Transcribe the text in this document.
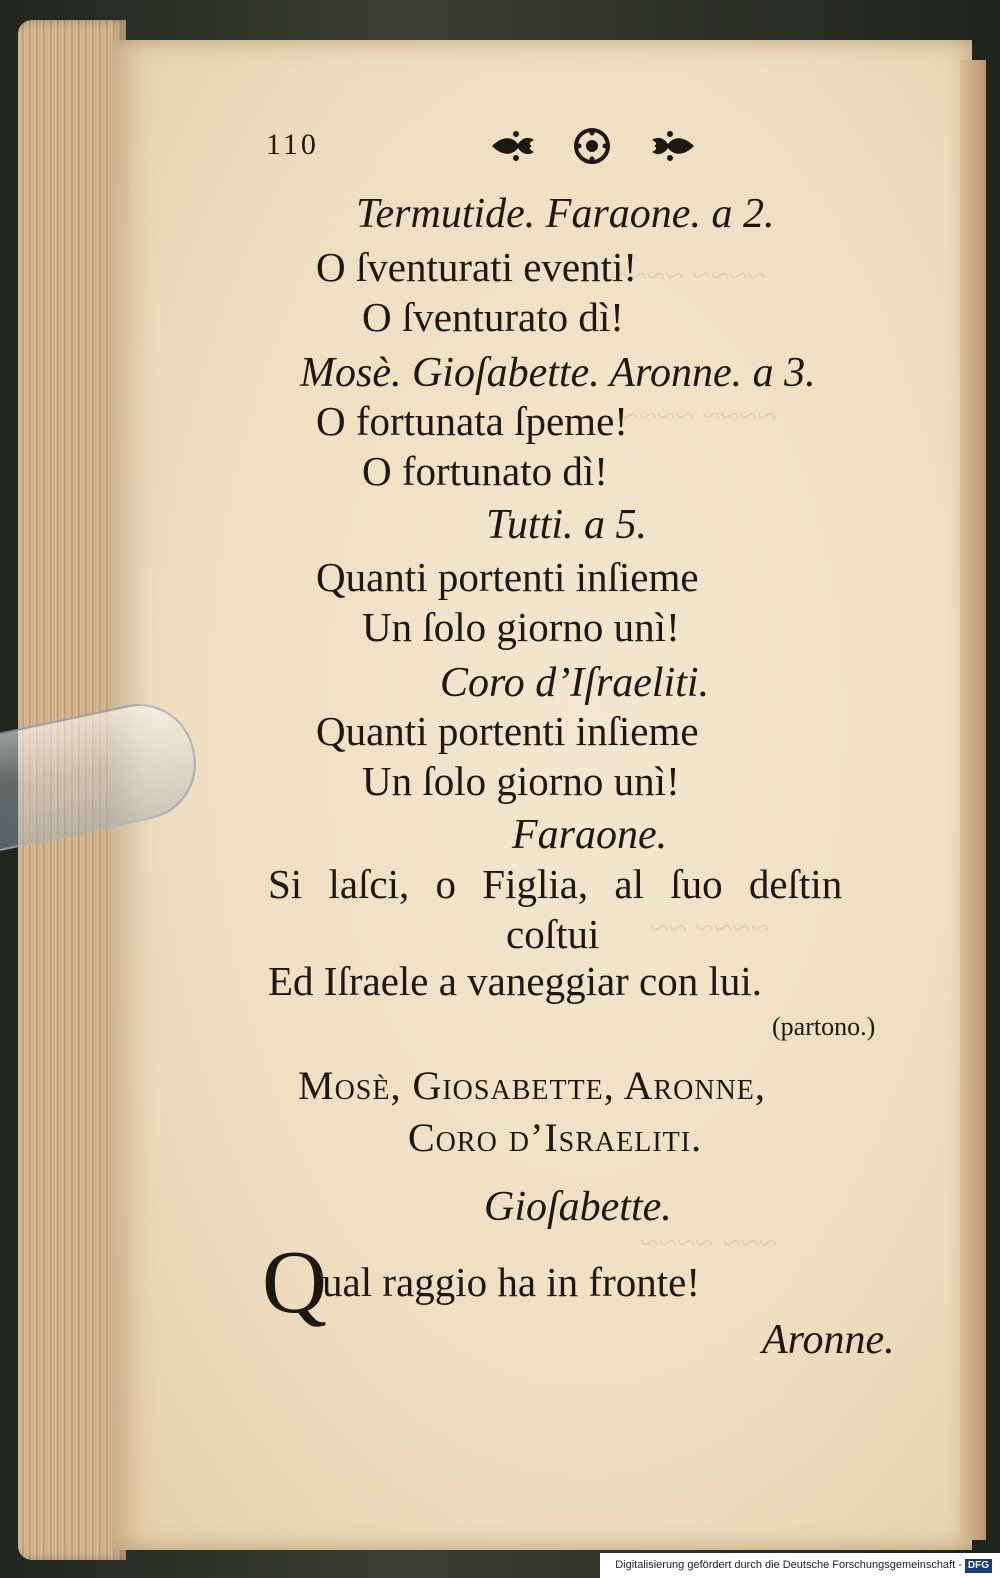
~~~~ ~~~~
~~~~ ~~~~
~~~~ ~~
~~~ ~~~~
110
Termutide. Faraone. a 2.
O ſventurati eventi!
O ſventurato dì!
Mosè. Gioſabette. Aronne. a 3.
O fortunata ſpeme!
O fortunato dì!
Tutti. a 5.
Quanti portenti inſieme
Un ſolo giorno unì!
Coro d’Iſraeliti.
Quanti portenti inſieme
Un ſolo giorno unì!
Faraone.
Si laſci, o Figlia, al ſuo deſtin
coſtui
Ed Iſraele a vaneggiar con lui.
(partono.)
Mosè, Giosabette, Aronne,
Coro d’Israeliti.
Gioſabette.
Q
ual raggio ha in fronte!
Aronne.
Digitalisierung gefördert durch die Deutsche Forschungsgemeinschaft - DFG
